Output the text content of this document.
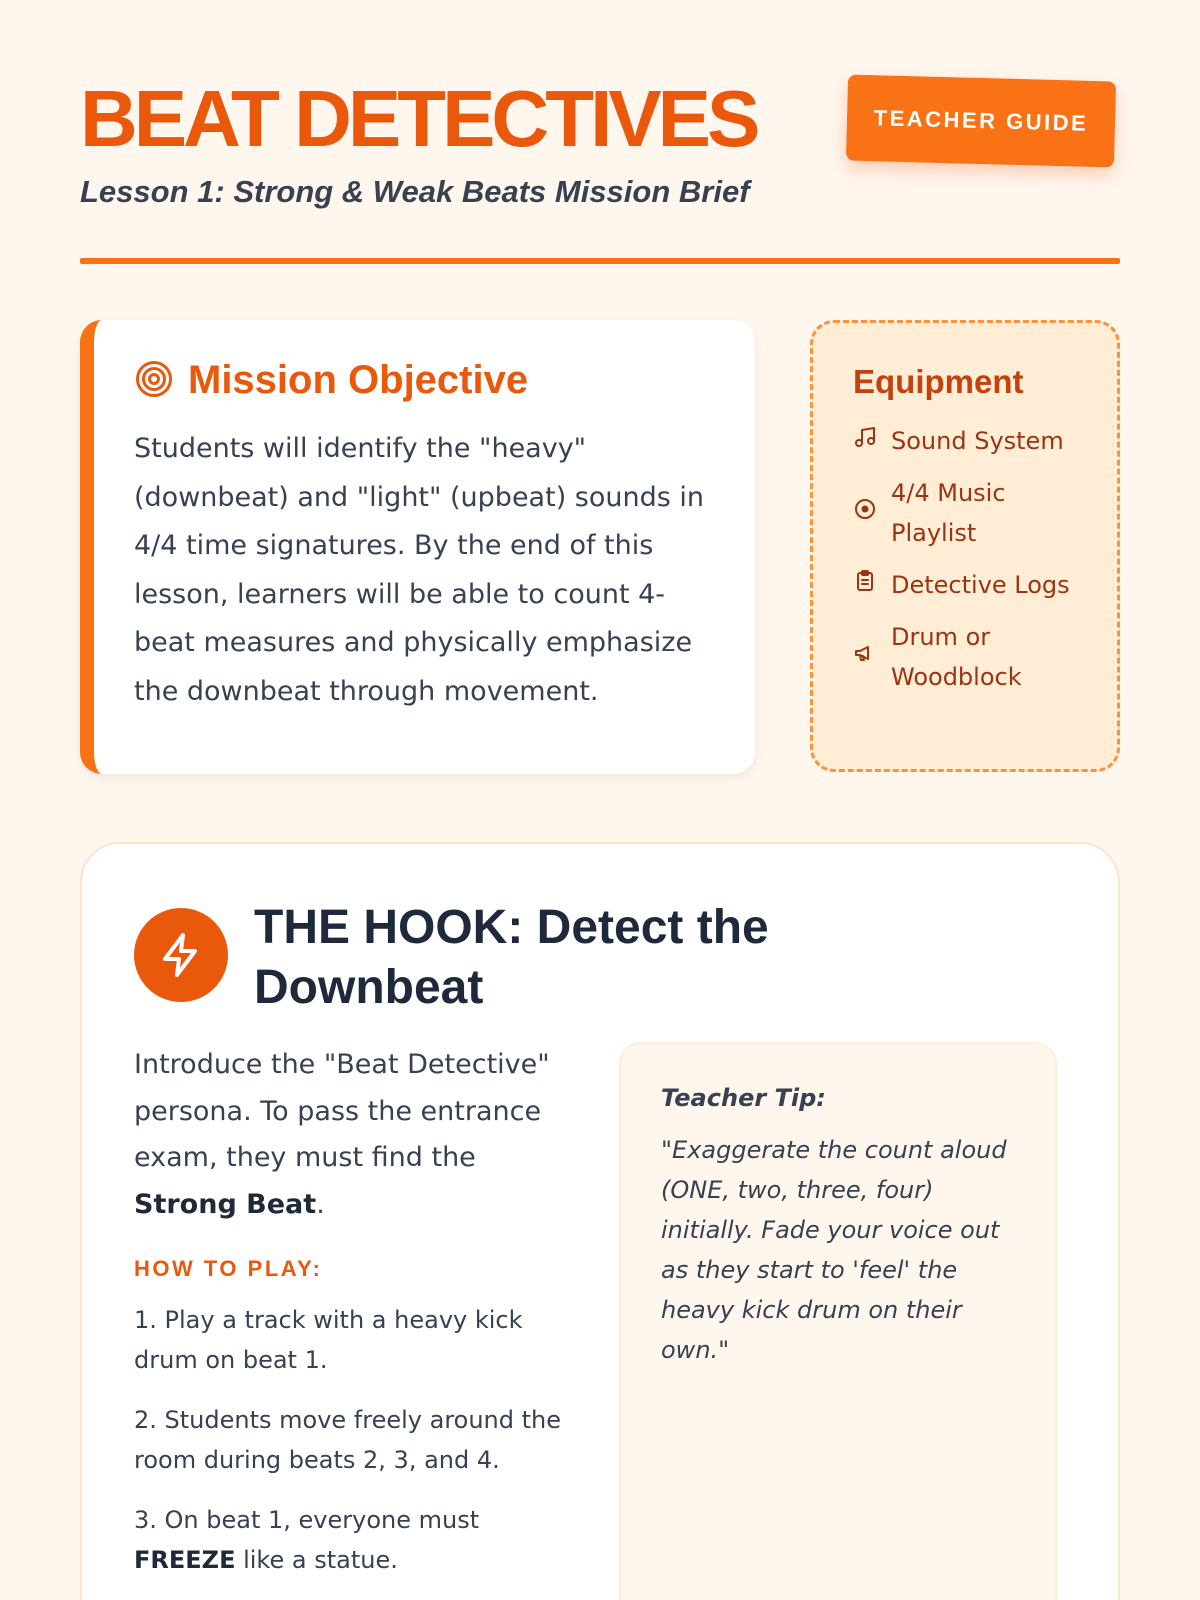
BEAT DETECTIVES
Lesson 1: Strong & Weak Beats Mission Brief
TEACHER GUIDE
Mission Objective

Students will identify the "heavy" (downbeat) and "light" (upbeat) sounds in 4/4 time signatures. By the end of this lesson, learners will be able to count 4-beat measures and physically emphasize the downbeat through movement.

Equipment
Sound System
4/4 Music Playlist
Detective Logs
Drum or Woodblock
THE HOOK: Detect the Downbeat

Introduce the "Beat Detective" persona. To pass the entrance exam, they must find the Strong Beat.

HOW TO PLAY:
1. Play a track with a heavy kick drum on beat 1.
2. Students move freely around the room during beats 2, 3, and 4.
3. On beat 1, everyone must FREEZE like a statue.
Teacher Tip:

"Exaggerate the count aloud (ONE, two, three, four) initially. Fade your voice out as they start to 'feel' the heavy kick drum on their own."
